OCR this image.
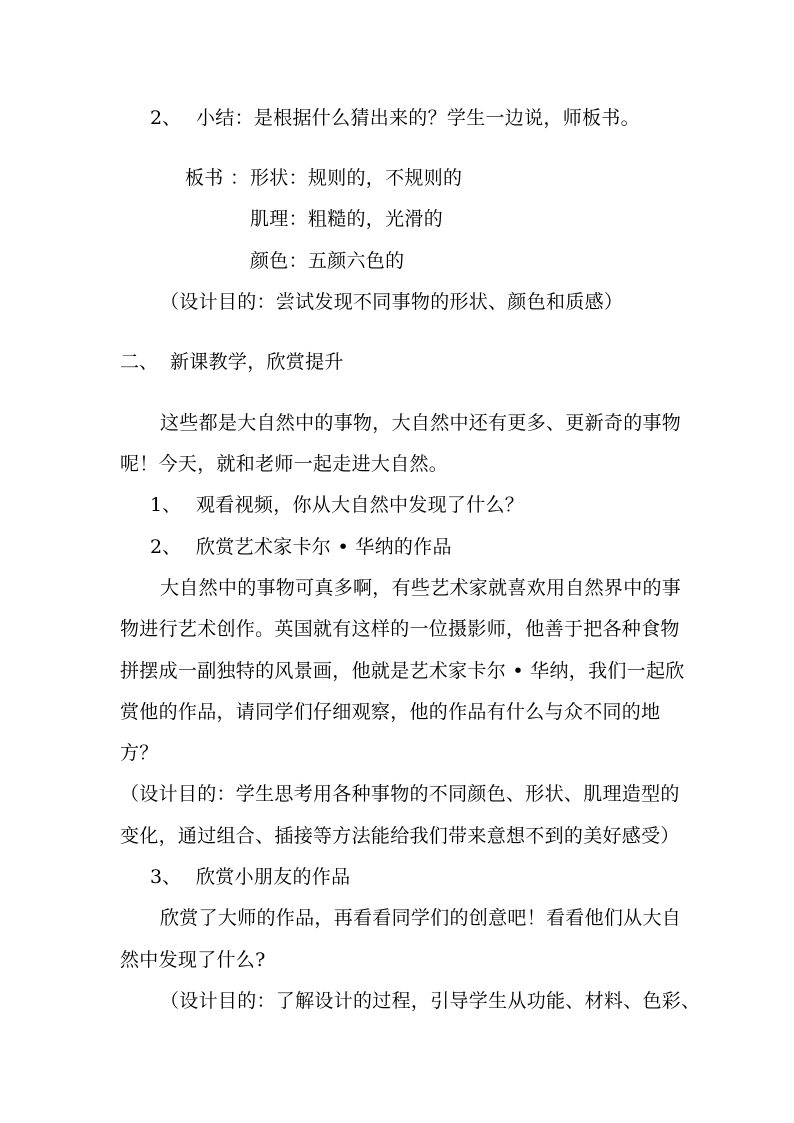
2、 小结：是根据什么猜出来的？学生一边说，师板书。
板书 ： 形状：规则的，不规则的
肌理：粗糙的，光滑的
颜色：五颜六色的
（设计目的：尝试发现不同事物的形状、颜色和质感）
二、 新课教学，欣赏提升
这些都是大自然中的事物，大自然中还有更多、更新奇的事物
呢！今天，就和老师一起走进大自然。
1、 观看视频，你从大自然中发现了什么？
2、 欣赏艺术家卡尔 • 华纳的作品
大自然中的事物可真多啊，有些艺术家就喜欢用自然界中的事
物进行艺术创作。英国就有这样的一位摄影师，他善于把各种食物
拼摆成一副独特的风景画，他就是艺术家卡尔 • 华纳，我们一起欣
赏他的作品，请同学们仔细观察，他的作品有什么与众不同的地
方？
（设计目的：学生思考用各种事物的不同颜色、形状、肌理造型的
变化，通过组合、插接等方法能给我们带来意想不到的美好感受）
3、 欣赏小朋友的作品
欣赏了大师的作品，再看看同学们的创意吧！看看他们从大自
然中发现了什么?
（设计目的：了解设计的过程，引导学生从功能、材料、色彩、
